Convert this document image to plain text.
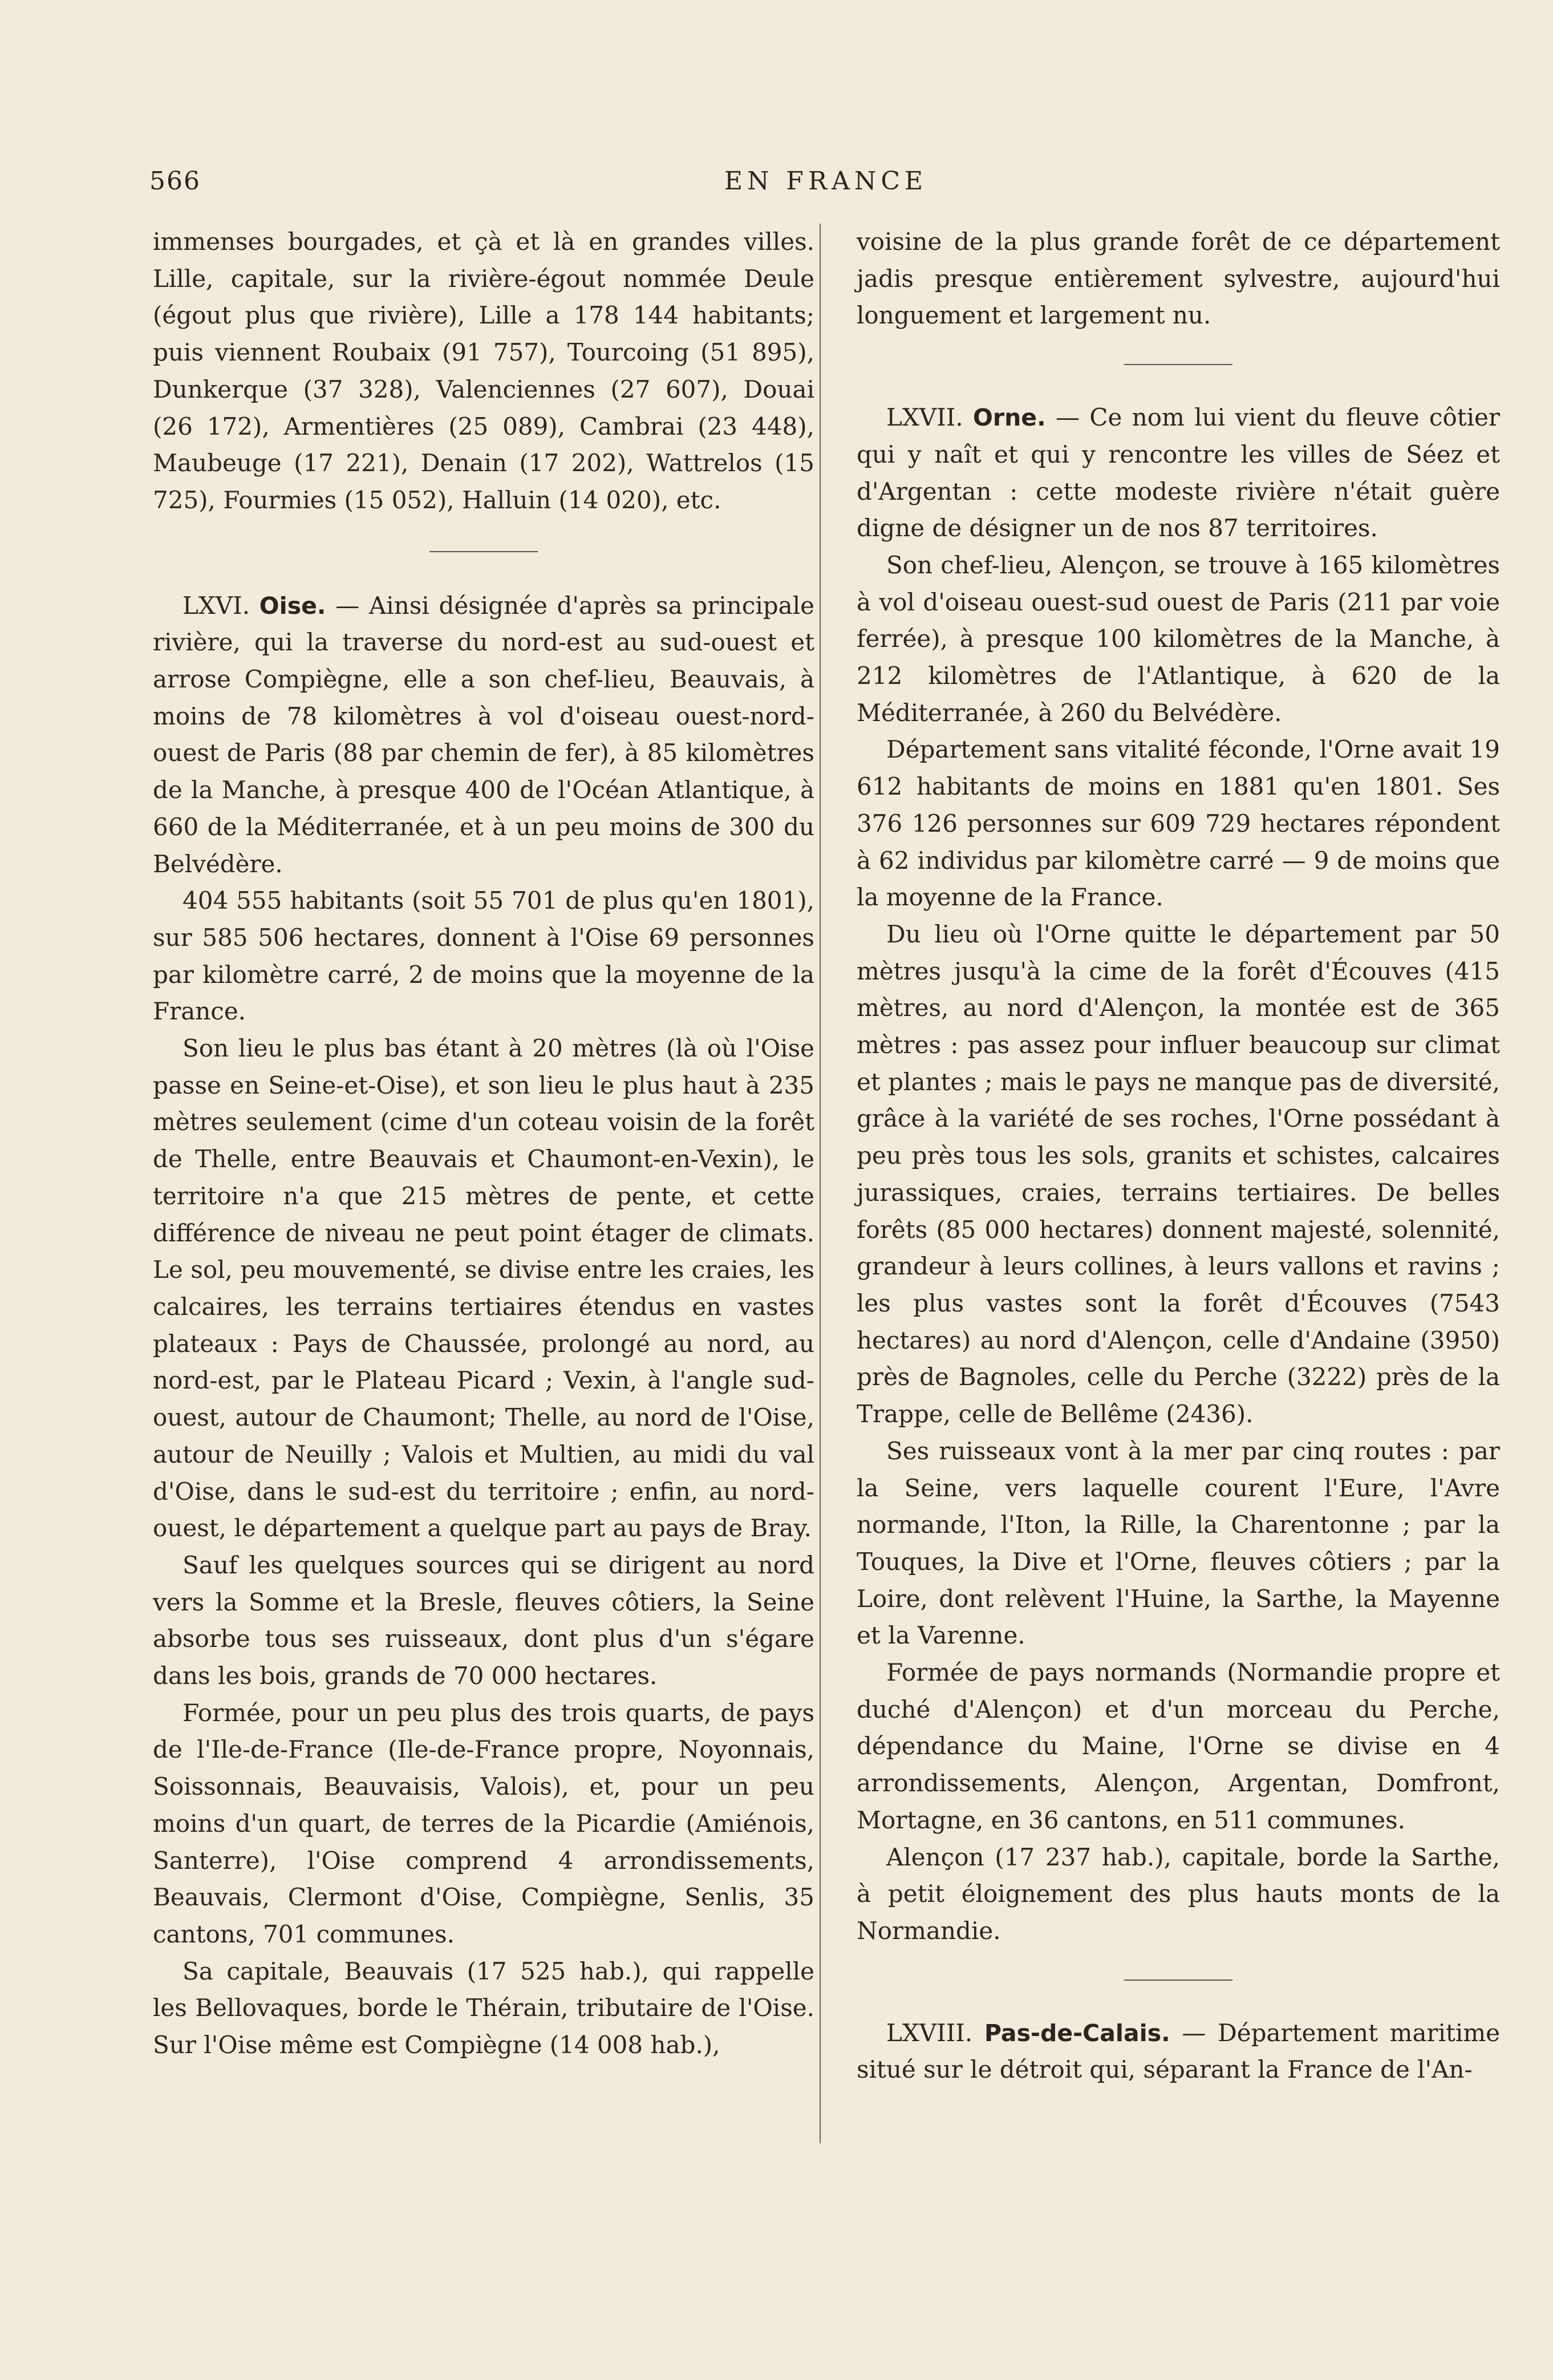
566	EN FRANCE

immenses bourgades, et çà et là en grandes villes. Lille, capitale, sur la rivière-égout nommée Deule (égout plus que rivière), Lille a 178 144 habitants; puis viennent Roubaix (91 757), Tourcoing (51 895), Dunkerque (37 328), Valenciennes (27 607), Douai (26 172), Armentières (25 089), Cambrai (23 448), Maubeuge (17 221), Denain (17 202), Wattrelos (15 725), Fourmies (15 052), Halluin (14 020), etc.

LXVI. Oise. — Ainsi désignée d'après sa principale rivière, qui la traverse du nord-est au sud-ouest et arrose Compiègne, elle a son chef-lieu, Beauvais, à moins de 78 kilomètres à vol d'oiseau ouest-nord-ouest de Paris (88 par chemin de fer), à 85 kilomètres de la Manche, à presque 400 de l'Océan Atlantique, à 660 de la Méditerranée, et à un peu moins de 300 du Belvédère.

404 555 habitants (soit 55 701 de plus qu'en 1801), sur 585 506 hectares, donnent à l'Oise 69 personnes par kilomètre carré, 2 de moins que la moyenne de la France.

Son lieu le plus bas étant à 20 mètres (là où l'Oise passe en Seine-et-Oise), et son lieu le plus haut à 235 mètres seulement (cime d'un coteau voisin de la forêt de Thelle, entre Beauvais et Chaumont-en-Vexin), le territoire n'a que 215 mètres de pente, et cette différence de niveau ne peut point étager de climats. Le sol, peu mouvementé, se divise entre les craies, les calcaires, les terrains tertiaires étendus en vastes plateaux : Pays de Chaussée, prolongé au nord, au nord-est, par le Plateau Picard ; Vexin, à l'angle sud-ouest, autour de Chaumont; Thelle, au nord de l'Oise, autour de Neuilly ; Valois et Multien, au midi du val d'Oise, dans le sud-est du territoire ; enfin, au nord-ouest, le département a quelque part au pays de Bray.

Sauf les quelques sources qui se dirigent au nord vers la Somme et la Bresle, fleuves côtiers, la Seine absorbe tous ses ruisseaux, dont plus d'un s'égare dans les bois, grands de 70 000 hectares.

Formée, pour un peu plus des trois quarts, de pays de l'Ile-de-France (Ile-de-France propre, Noyonnais, Soissonnais, Beauvaisis, Valois), et, pour un peu moins d'un quart, de terres de la Picardie (Amiénois, Santerre), l'Oise comprend 4 arrondissements, Beauvais, Clermont d'Oise, Compiègne, Senlis, 35 cantons, 701 communes.

Sa capitale, Beauvais (17 525 hab.), qui rappelle les Bellovaques, borde le Thérain, tributaire de l'Oise. Sur l'Oise même est Compiègne (14 008 hab.),

voisine de la plus grande forêt de ce département jadis presque entièrement sylvestre, aujourd'hui longuement et largement nu.

LXVII. Orne. — Ce nom lui vient du fleuve côtier qui y naît et qui y rencontre les villes de Séez et d'Argentan : cette modeste rivière n'était guère digne de désigner un de nos 87 territoires.

Son chef-lieu, Alençon, se trouve à 165 kilomètres à vol d'oiseau ouest-sud ouest de Paris (211 par voie ferrée), à presque 100 kilomètres de la Manche, à 212 kilomètres de l'Atlantique, à 620 de la Méditerranée, à 260 du Belvédère.

Département sans vitalité féconde, l'Orne avait 19 612 habitants de moins en 1881 qu'en 1801. Ses 376 126 personnes sur 609 729 hectares répondent à 62 individus par kilomètre carré — 9 de moins que la moyenne de la France.

Du lieu où l'Orne quitte le département par 50 mètres jusqu'à la cime de la forêt d'Écouves (415 mètres, au nord d'Alençon, la montée est de 365 mètres : pas assez pour influer beaucoup sur climat et plantes ; mais le pays ne manque pas de diversité, grâce à la variété de ses roches, l'Orne possédant à peu près tous les sols, granits et schistes, calcaires jurassiques, craies, terrains tertiaires. De belles forêts (85 000 hectares) donnent majesté, solennité, grandeur à leurs collines, à leurs vallons et ravins ; les plus vastes sont la forêt d'Écouves (7543 hectares) au nord d'Alençon, celle d'Andaine (3950) près de Bagnoles, celle du Perche (3222) près de la Trappe, celle de Bellême (2436).

Ses ruisseaux vont à la mer par cinq routes : par la Seine, vers laquelle courent l'Eure, l'Avre normande, l'Iton, la Rille, la Charentonne ; par la Touques, la Dive et l'Orne, fleuves côtiers ; par la Loire, dont relèvent l'Huine, la Sarthe, la Mayenne et la Varenne.

Formée de pays normands (Normandie propre et duché d'Alençon) et d'un morceau du Perche, dépendance du Maine, l'Orne se divise en 4 arrondissements, Alençon, Argentan, Domfront, Mortagne, en 36 cantons, en 511 communes.

Alençon (17 237 hab.), capitale, borde la Sarthe, à petit éloignement des plus hauts monts de la Normandie.

LXVIII. Pas-de-Calais. — Département maritime situé sur le détroit qui, séparant la France de l'An-
